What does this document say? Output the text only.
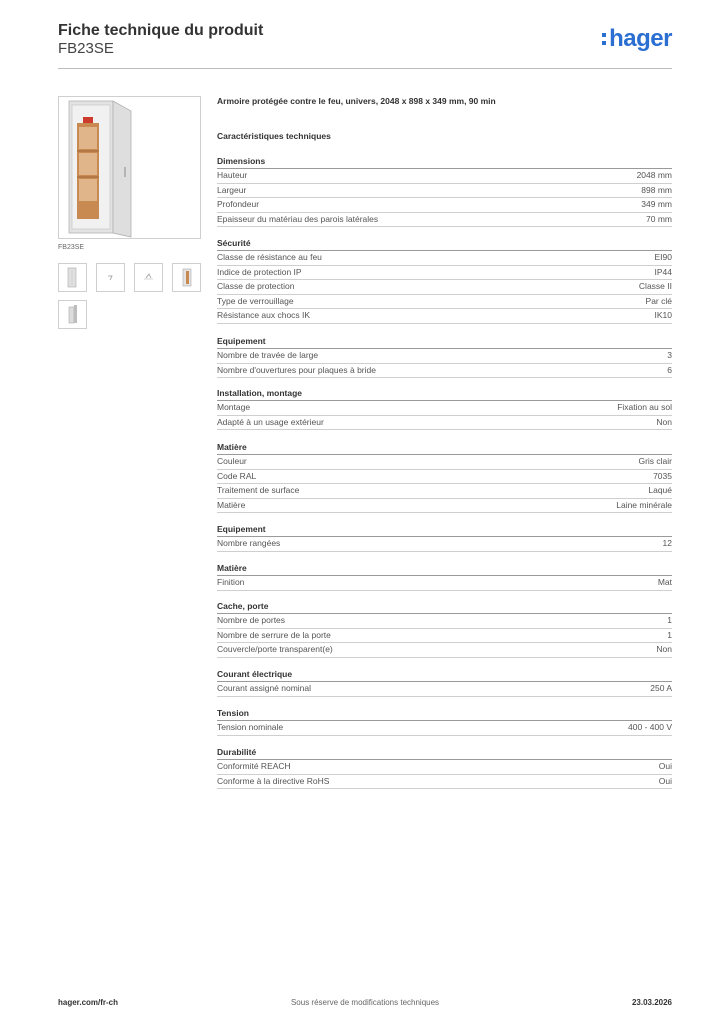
Fiche technique du produit
FB23SE	hager
FB23SE
Armoire protégée contre le feu, univers, 2048 x 898 x 349 mm, 90 min
Caractéristiques techniques
Dimensions
Hauteur	2048 mm
Largeur	898 mm
Profondeur	349 mm
Epaisseur du matériau des parois latérales	70 mm
Sécurité
Classe de résistance au feu	EI90
Indice de protection IP	IP44
Classe de protection	Classe II
Type de verrouillage	Par clé
Résistance aux chocs IK	IK10
Equipement
Nombre de travée de large	3
Nombre d'ouvertures pour plaques à bride	6
Installation, montage
Montage	Fixation au sol
Adapté à un usage extérieur	Non
Matière
Couleur	Gris clair
Code RAL	7035
Traitement de surface	Laqué
Matière	Laine minérale
Equipement
Nombre rangées	12
Matière
Finition	Mat
Cache, porte
Nombre de portes	1
Nombre de serrure de la porte	1
Couvercle/porte transparent(e)	Non
Courant électrique
Courant assigné nominal	250 A
Tension
Tension nominale	400 - 400 V
Durabilité
Conformité REACH	Oui
Conforme à la directive RoHS	Oui
Sous réserve de modifications techniques
hager.com/fr-ch	23.03.2026
